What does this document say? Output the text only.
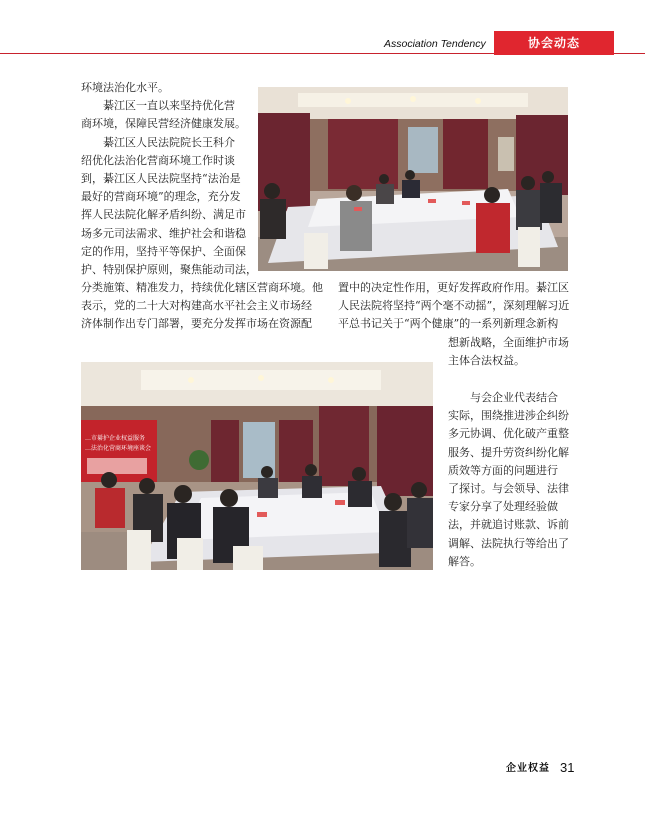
Association Tendency	协会动态

环境法治化水平。

綦江区一直以来坚持优化营

商环境，保障民营经济健康发展。

綦江区人民法院院长王科介

绍优化法治化营商环境工作时谈

到，綦江区人民法院坚持“法治是

最好的营商环境”的理念，充分发

挥人民法院化解矛盾纠纷、满足市

场多元司法需求、维护社会和谐稳

定的作用，坚持平等保护、全面保

护、特别保护原则，聚焦能动司法，

分类施策、精准发力，持续优化辖区营商环境。他

表示，党的二十大对构建高水平社会主义市场经

济体制作出专门部署，要充分发挥市场在资源配

置中的决定性作用，更好发挥政府作用。綦江区

人民法院将坚持“两个毫不动摇”，深刻理解习近

平总书记关于“两个健康”的一系列新理念新构

想新战略，全面维护市场

主体合法权益。

…市綦护企业权益服务
…法治化营商环境座谈会

与会企业代表结合

实际，围绕推进涉企纠纷

多元协调、优化破产重整

服务、提升劳资纠纷化解

质效等方面的问题进行

了探讨。与会领导、法律

专家分享了处理经验做

法，并就追讨账款、诉前

调解、法院执行等给出了

解答。

企业权益 31
